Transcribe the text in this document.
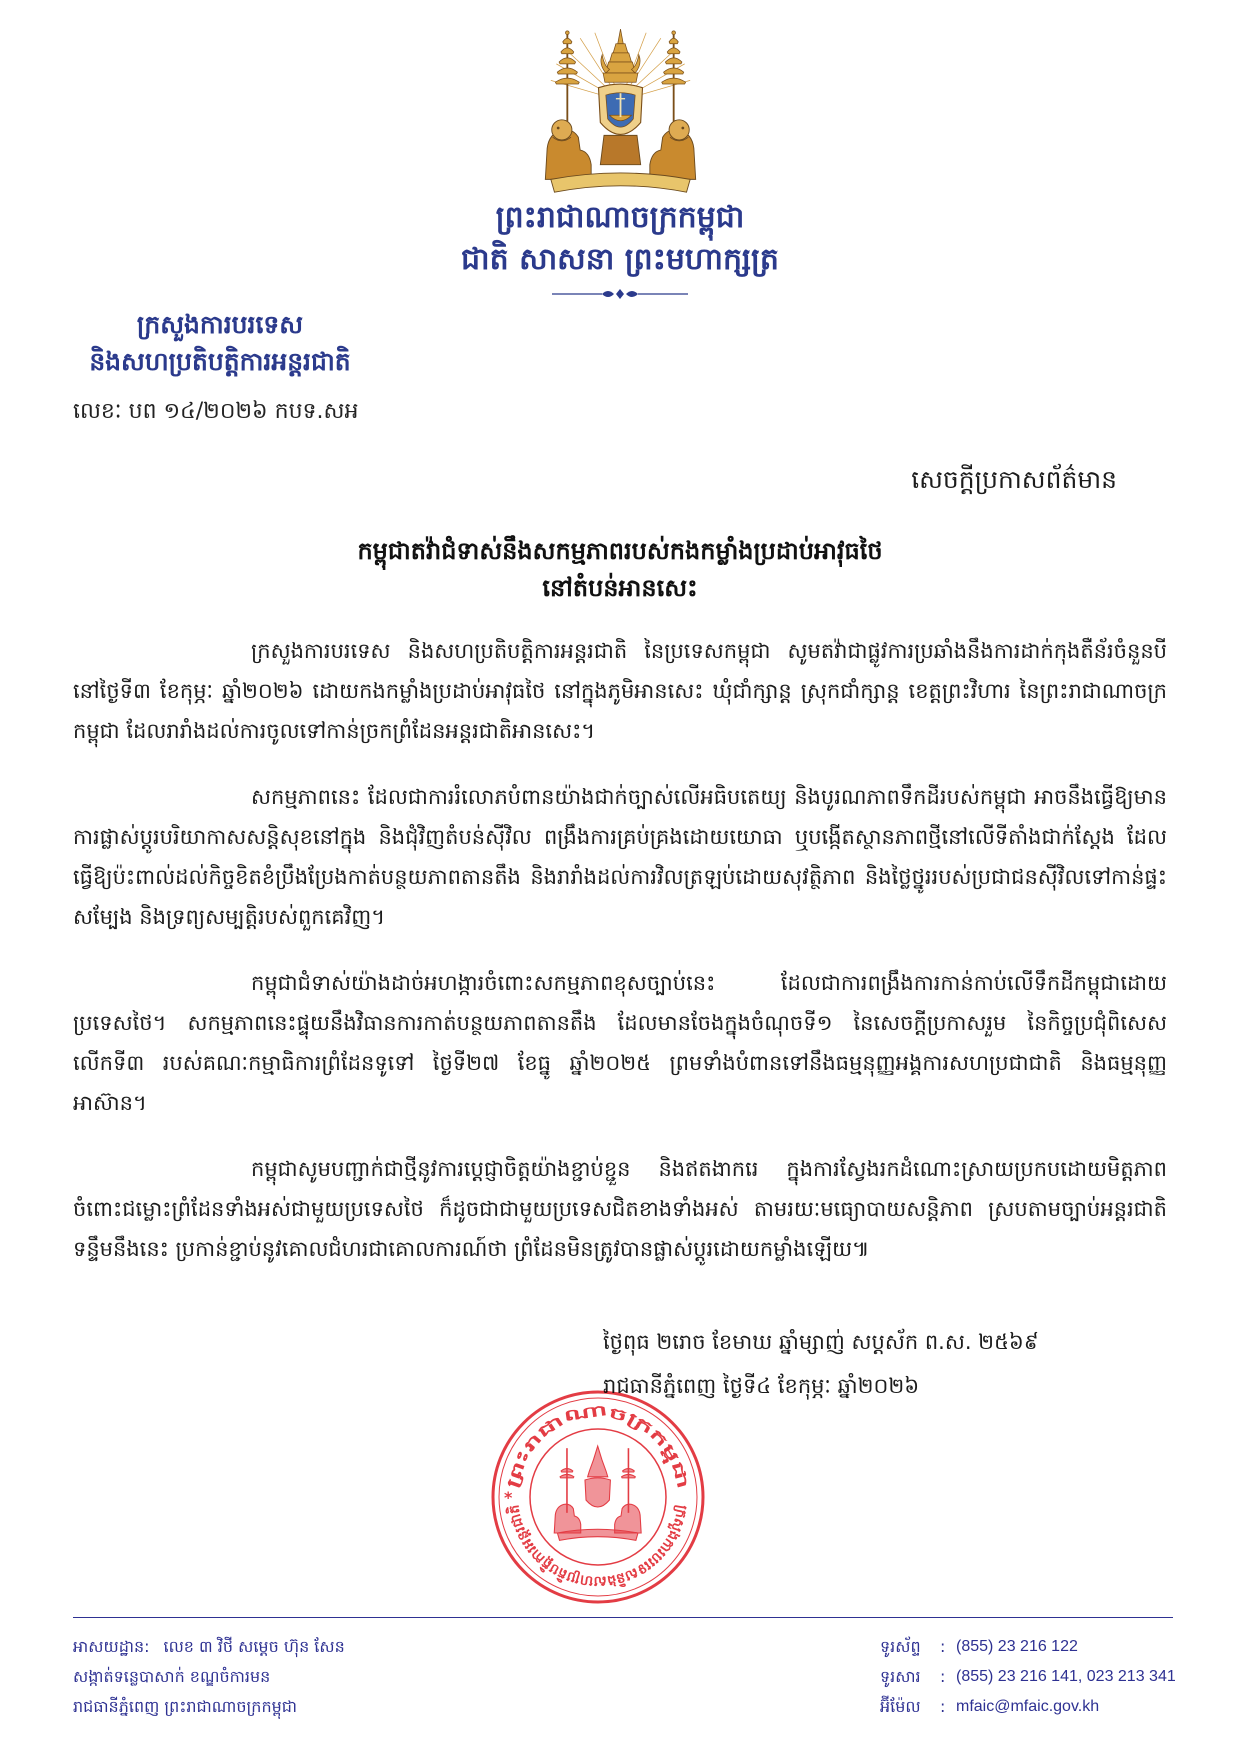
ព្រះរាជាណាចក្រកម្ពុជា
ជាតិ សាសនា ព្រះមហាក្សត្រ
ក្រសួងការបរទេស
និងសហប្រតិបត្តិការអន្តរជាតិ
លេខៈ បព ១៤/២០២៦ កបទ.សអ
សេចក្តីប្រកាសព័ត៌មាន
កម្ពុជាតវ៉ាជំទាស់នឹងសកម្មភាពរបស់កងកម្លាំងប្រដាប់អាវុធថៃ
នៅតំបន់អានសេះ

ក្រសួងការបរទេស និងសហប្រតិបត្តិការអន្តរជាតិ នៃប្រទេសកម្ពុជា សូមតវ៉ាជាផ្លូវការប្រឆាំងនឹងការដាក់កុងតឺន័រចំនួនបី នៅថ្ងៃទី៣ ខែកុម្ភៈ ឆ្នាំ២០២៦ ដោយកងកម្លាំងប្រដាប់អាវុធថៃ នៅក្នុងភូមិអានសេះ ឃុំជាំក្សាន្ត ស្រុកជាំក្សាន្ត ខេត្តព្រះវិហារ នៃព្រះរាជាណាចក្រកម្ពុជា ដែលរារាំងដល់ការចូលទៅកាន់ច្រកព្រំដែនអន្តរជាតិអានសេះ។

សកម្មភាពនេះ ដែលជាការរំលោភបំពានយ៉ាងជាក់ច្បាស់លើអធិបតេយ្យ និងបូរណភាពទឹកដីរបស់កម្ពុជា អាចនឹងធ្វើឱ្យមានការផ្លាស់ប្តូរបរិយាកាសសន្តិសុខនៅក្នុង និងជុំវិញតំបន់ស៊ីវិល ពង្រឹងការគ្រប់គ្រងដោយយោធា ឬបង្កើតស្ថានភាពថ្មីនៅលើទីតាំងជាក់ស្តែង ដែលធ្វើឱ្យប៉ះពាល់ដល់កិច្ចខិតខំប្រឹងប្រែងកាត់បន្ថយភាពតានតឹង និងរារាំងដល់ការវិលត្រឡប់ដោយសុវត្ថិភាព និងថ្លៃថ្នូររបស់ប្រជាជនស៊ីវិលទៅកាន់ផ្ទះសម្បែង និងទ្រព្យសម្បត្តិរបស់ពួកគេវិញ។

កម្ពុជាជំទាស់យ៉ាងដាច់អហង្ការចំពោះសកម្មភាពខុសច្បាប់នេះ ដែលជាការពង្រឹងការកាន់កាប់លើទឹកដីកម្ពុជាដោយប្រទេសថៃ។ សកម្មភាពនេះផ្ទុយនឹងវិធានការកាត់បន្ថយភាពតានតឹង ដែលមានចែងក្នុងចំណុចទី១ នៃសេចក្តីប្រកាសរួម នៃកិច្ចប្រជុំពិសេសលើកទី៣ របស់គណៈកម្មាធិការព្រំដែនទូទៅ ថ្ងៃទី២៧ ខែធ្នូ ឆ្នាំ២០២៥ ព្រមទាំងបំពានទៅនឹងធម្មនុញ្ញអង្គការសហប្រជាជាតិ និងធម្មនុញ្ញអាស៊ាន។

កម្ពុជាសូមបញ្ជាក់ជាថ្មីនូវការប្តេជ្ញាចិត្តយ៉ាងខ្ជាប់ខ្ជួន និងឥតងាករេ ក្នុងការស្វែងរកដំណោះស្រាយប្រកបដោយមិត្តភាពចំពោះជម្លោះព្រំដែនទាំងអស់ជាមួយប្រទេសថៃ ក៏ដូចជាជាមួយប្រទេសជិតខាងទាំងអស់ តាមរយៈមធ្យោបាយសន្តិភាព ស្របតាមច្បាប់អន្តរជាតិ ទន្ទឹមនឹងនេះ ប្រកាន់ខ្ជាប់នូវគោលជំហរជាគោលការណ៍ថា ព្រំដែនមិនត្រូវបានផ្លាស់ប្តូរដោយកម្លាំងឡើយ៕

ថ្ងៃពុធ ២រោច ខែមាឃ ឆ្នាំម្សាញ់ សប្តស័ក ព.ស. ២៥៦៩
រាជធានីភ្នំពេញ ថ្ងៃទី៤ ខែកុម្ភៈ ឆ្នាំ២០២៦
ព្រះរាជាណាចក្រកម្ពុជា
ក្រសួងការបរទេសនិងសហប្រតិបត្តិការអន្តរជាតិ
*
អាសយដ្ឋាន: លេខ ៣ វិថី សម្តេច ហ៊ុន សែន
សង្កាត់ទន្លេបាសាក់ ខណ្ឌចំការមន
រាជធានីភ្នំពេញ ព្រះរាជាណាចក្រកម្ពុជា
ទូរស័ព្ទ	: (855) 23 216 122
ទូរសារ	: (855) 23 216 141, 023 213 341
អ៊ីម៉ែល	: mfaic@mfaic.gov.kh
